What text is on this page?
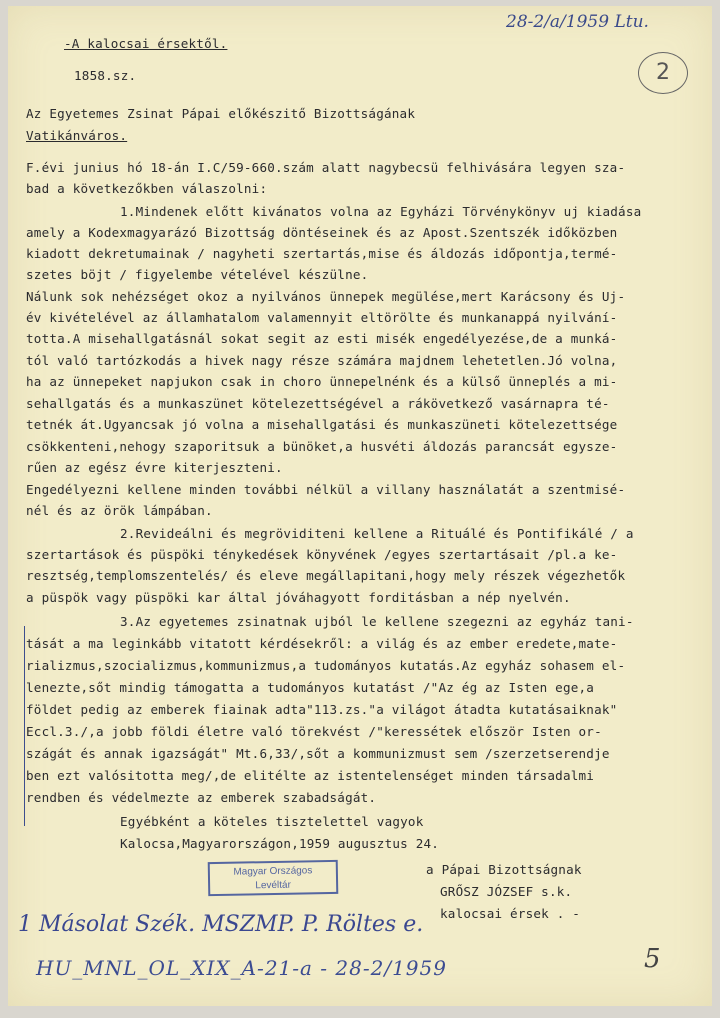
-A kalocsai érsektől.
1858.sz.
28-2/a/1959 Ltu.
2
Az Egyetemes Zsinat Pápai előkészitő Bizottságának
Vatikánváros.
F.évi junius hó 18-án I.C/59-660.szám alatt nagybecsü felhivására legyen sza-
bad a következőkben válaszolni:
1.Mindenek előtt kivánatos volna az Egyházi Törvénykönyv uj kiadása
amely a Kodexmagyarázó Bizottság döntéseinek és az Apost.Szentszék időközben
kiadott dekretumainak / nagyheti szertartás,mise és áldozás időpontja,termé-
szetes böjt / figyelembe vételével készülne.
Nálunk sok nehézséget okoz a nyilvános ünnepek megülése,mert Karácsony és Uj-
év kivételével az államhatalom valamennyit eltörölte és munkanappá nyilvání-
totta.A misehallgatásnál sokat segit az esti misék engedélyezése,de a munká-
tól való tartózkodás a hivek nagy része számára majdnem lehetetlen.Jó volna,
ha az ünnepeket napjukon csak in choro ünnepelnénk és a külső ünneplés a mi-
sehallgatás és a munkaszünet kötelezettségével a rákövetkező vasárnapra té-
tetnék át.Ugyancsak jó volna a misehallgatási és munkaszüneti kötelezettsége
csökkenteni,nehogy szaporitsuk a bünöket,a husvéti áldozás parancsát egysze-
rűen az egész évre kiterjeszteni.
Engedélyezni kellene minden további nélkül a villany használatát a szentmisé-
nél és az örök lámpában.
2.Revideálni és megröviditeni kellene a Rituálé és Pontifikálé / a
szertartások és püspöki ténykedések könyvének /egyes szertartásait /pl.a ke-
resztség,templomszentelés/ és eleve megállapitani,hogy mely részek végezhetők
a püspök vagy püspöki kar által jóváhagyott forditásban a nép nyelvén.
3.Az egyetemes zsinatnak ujból le kellene szegezni az egyház tani-
tását a ma leginkább vitatott kérdésekről: a világ és az ember eredete,mate-
rializmus,szocializmus,kommunizmus,a tudományos kutatás.Az egyház sohasem el-
lenezte,sőt mindig támogatta a tudományos kutatást /"Az ég az Isten ege,a
földet pedig az emberek fiainak adta"113.zs."a világot átadta kutatásaiknak"
Eccl.3./,a jobb földi életre való törekvést /"keressétek először Isten or-
szágát és annak igazságát" Mt.6,33/,sőt a kommunizmust sem /szerzetserendje
ben ezt valósitotta meg/,de elitélte az istentelenséget minden társadalmi
rendben és védelmezte az emberek szabadságát.
Egyébként a köteles tisztelettel vagyok
Kalocsa,Magyarországon,1959 augusztus 24.
a Pápai Bizottságnak
GRŐSZ JÓZSEF s.k.
kalocsai érsek . -
Magyar Országos
Levéltár
1 Másolat Szék. MSZMP. P. Röltes e.
HU_MNL_OL_XIX_A-21-a - 28-2/1959	5
